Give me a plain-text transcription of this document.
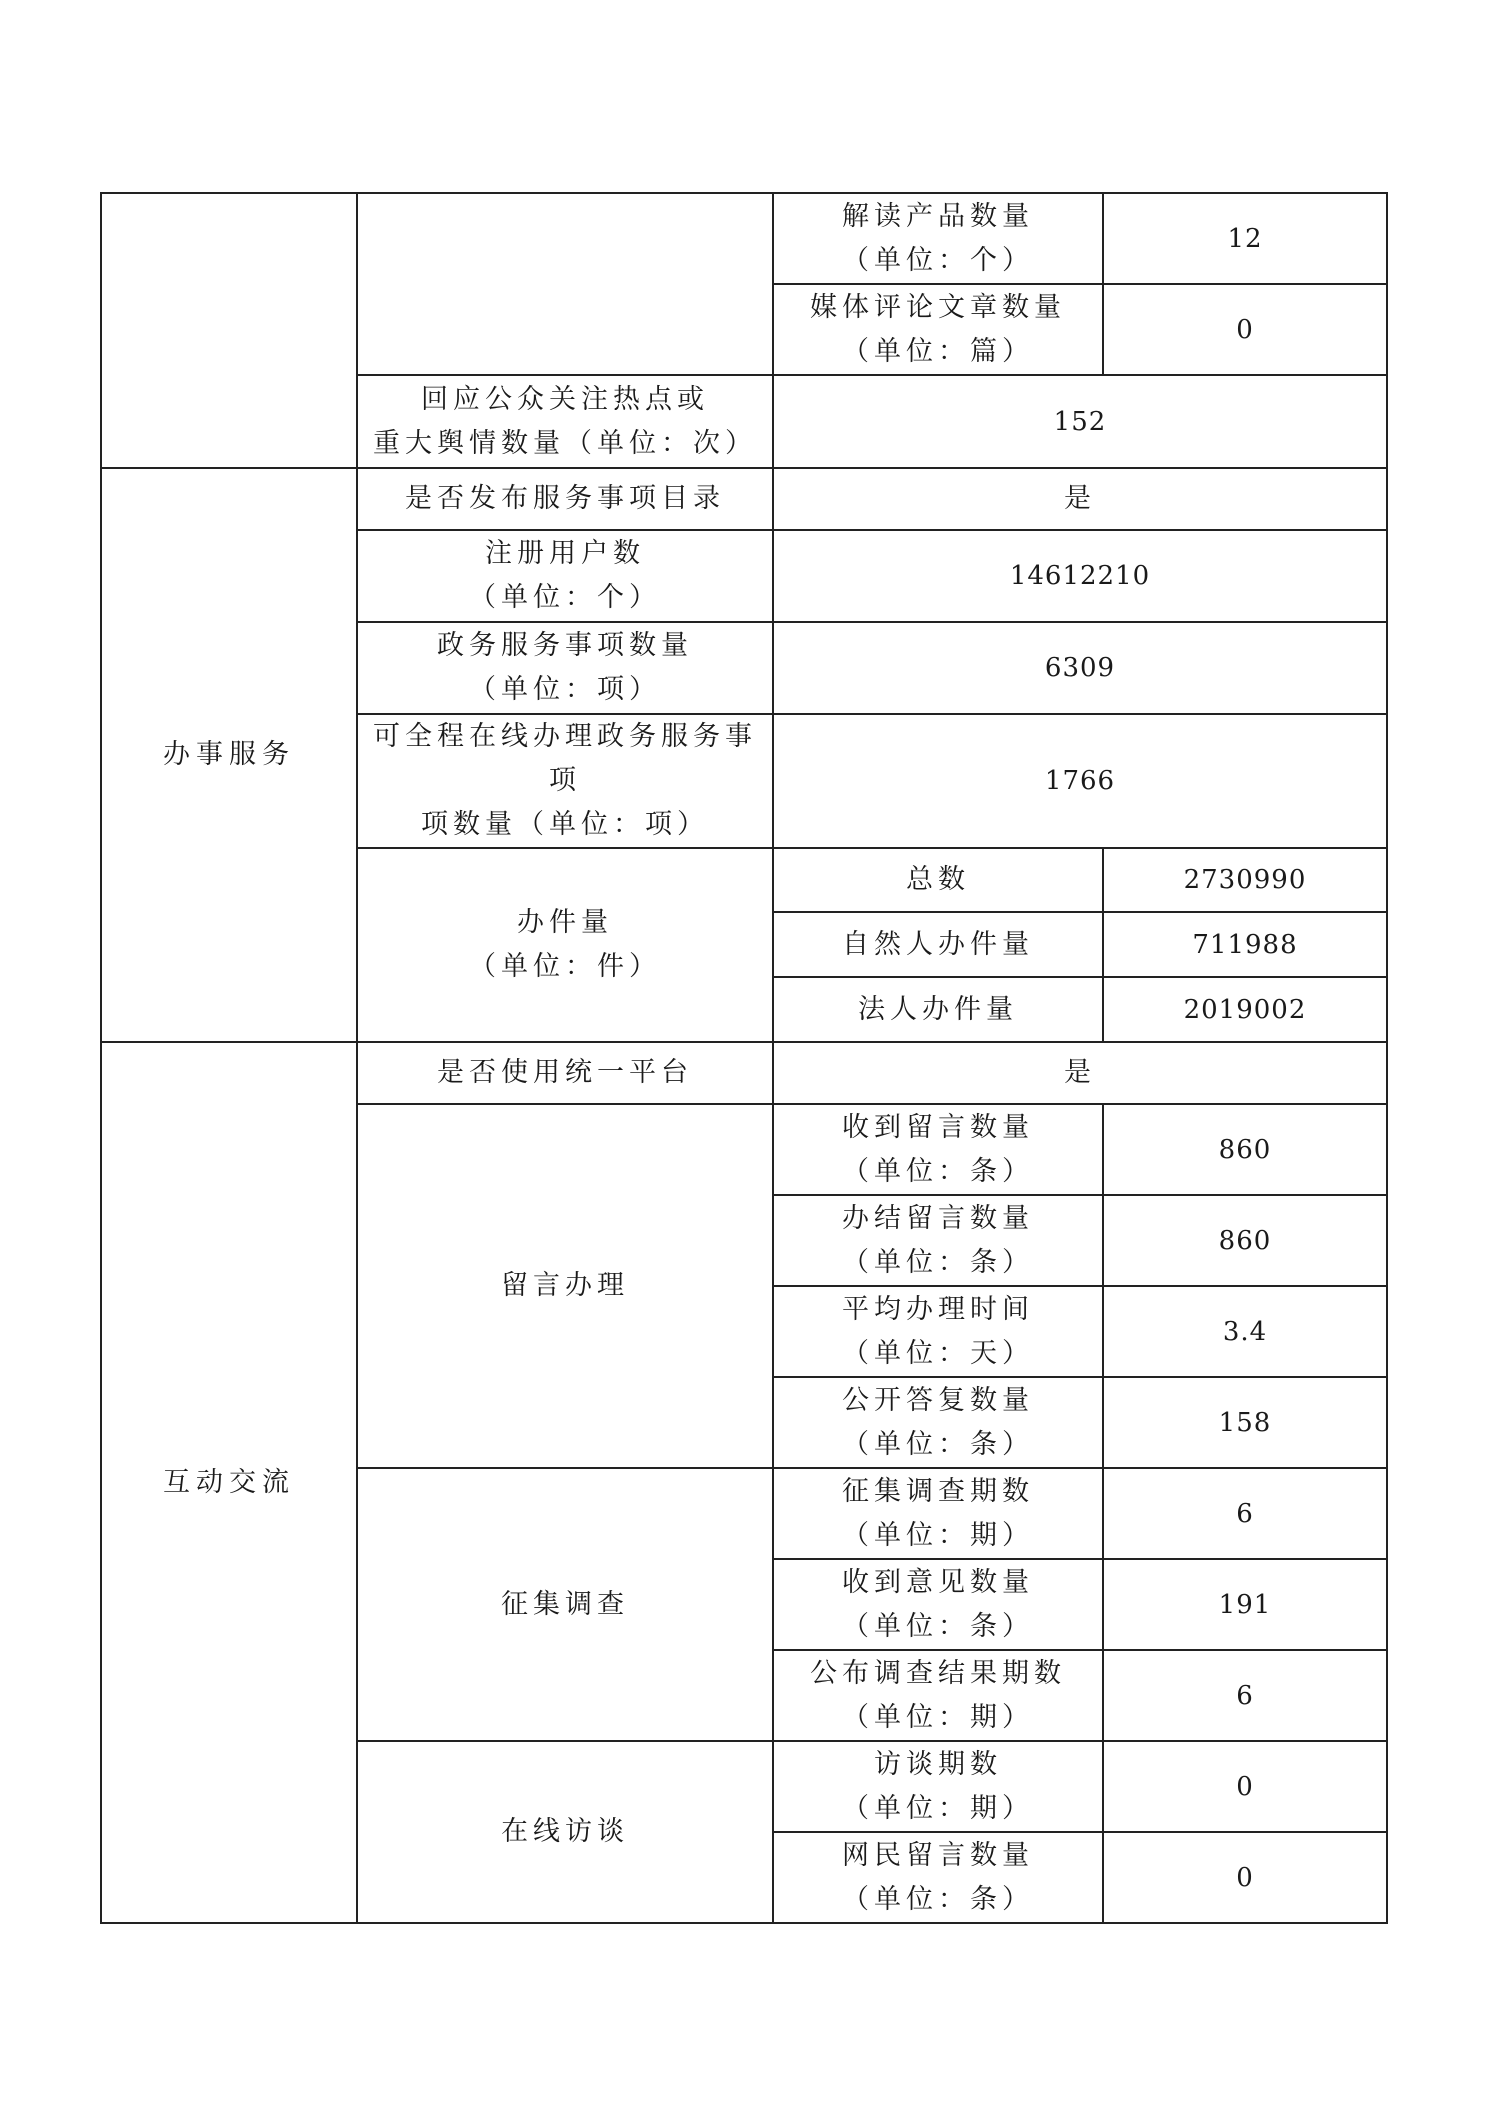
		解读产品数量
（单位：个）	12

		媒体评论文章数量
（单位：篇）	0

	回应公众关注热点或
重大舆情数量（单位：次）	152	
办事服务	是否发布服务事项目录	是	

	注册用户数
（单位：个）	14612210	

	政务服务事项数量
（单位：项）	6309	

	可全程在线办理政务服务事项
项数量（单位：项）	1766	

	办件量
（单位：件）	总数	2730990
		自然人办件量	711988
		法人办件量	2019002
互动交流	是否使用统一平台	是	
	留言办理	收到留言数量
（单位：条）	860

		办结留言数量
（单位：条）	860

		平均办理时间
（单位：天）	3.4

		公开答复数量
（单位：条）	158
	征集调查	征集调查期数
（单位：期）	6

		收到意见数量
（单位：条）	191

		公布调查结果期数
（单位：期）	6
	在线访谈	访谈期数
（单位：期）	0

		网民留言数量
（单位：条）	0
